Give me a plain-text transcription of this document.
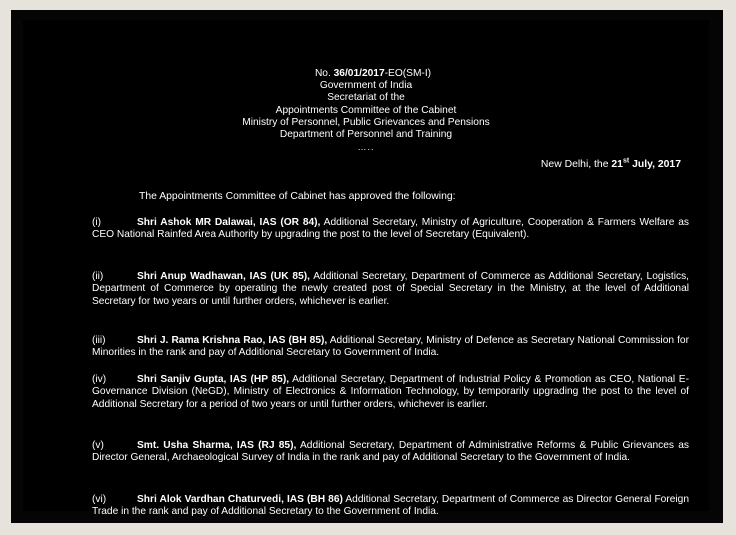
No. 36/01/2017-EO(SM-I)
Government of India
Secretariat of the
Appointments Committee of the Cabinet
Ministry of Personnel, Public Grievances and Pensions
Department of Personnel and Training
…..
New Delhi, the 21st July, 2017
The Appointments Committee of Cabinet has approved the following:
(i)	Shri Ashok MR Dalawai, IAS (OR 84), Additional Secretary, Ministry of Agriculture, Cooperation & Farmers Welfare as CEO National Rainfed Area Authority by upgrading the post to the level of Secretary (Equivalent).

(ii)	Shri Anup Wadhawan, IAS (UK 85), Additional Secretary, Department of Commerce as Additional Secretary, Logistics, Department of Commerce by operating the newly created post of Special Secretary in the Ministry, at the level of Additional Secretary for two years or until further orders, whichever is earlier.

(iii)	Shri J. Rama Krishna Rao, IAS (BH 85), Additional Secretary, Ministry of Defence as Secretary National Commission for Minorities in the rank and pay of Additional Secretary to Government of India.

(iv)	Shri Sanjiv Gupta, IAS (HP 85), Additional Secretary, Department of Industrial Policy & Promotion as CEO, National E-Governance Division (NeGD), Ministry of Electronics & Information Technology, by temporarily upgrading the post to the level of Additional Secretary for a period of two years or until further orders, whichever is earlier.

(v)	Smt. Usha Sharma, IAS (RJ 85), Additional Secretary, Department of Administrative Reforms & Public Grievances as Director General, Archaeological Survey of India in the rank and pay of Additional Secretary to the Government of India.

(vi)	Shri Alok Vardhan Chaturvedi, IAS (BH 86) Additional Secretary, Department of Commerce as Director General Foreign Trade in the rank and pay of Additional Secretary to the Government of India.
